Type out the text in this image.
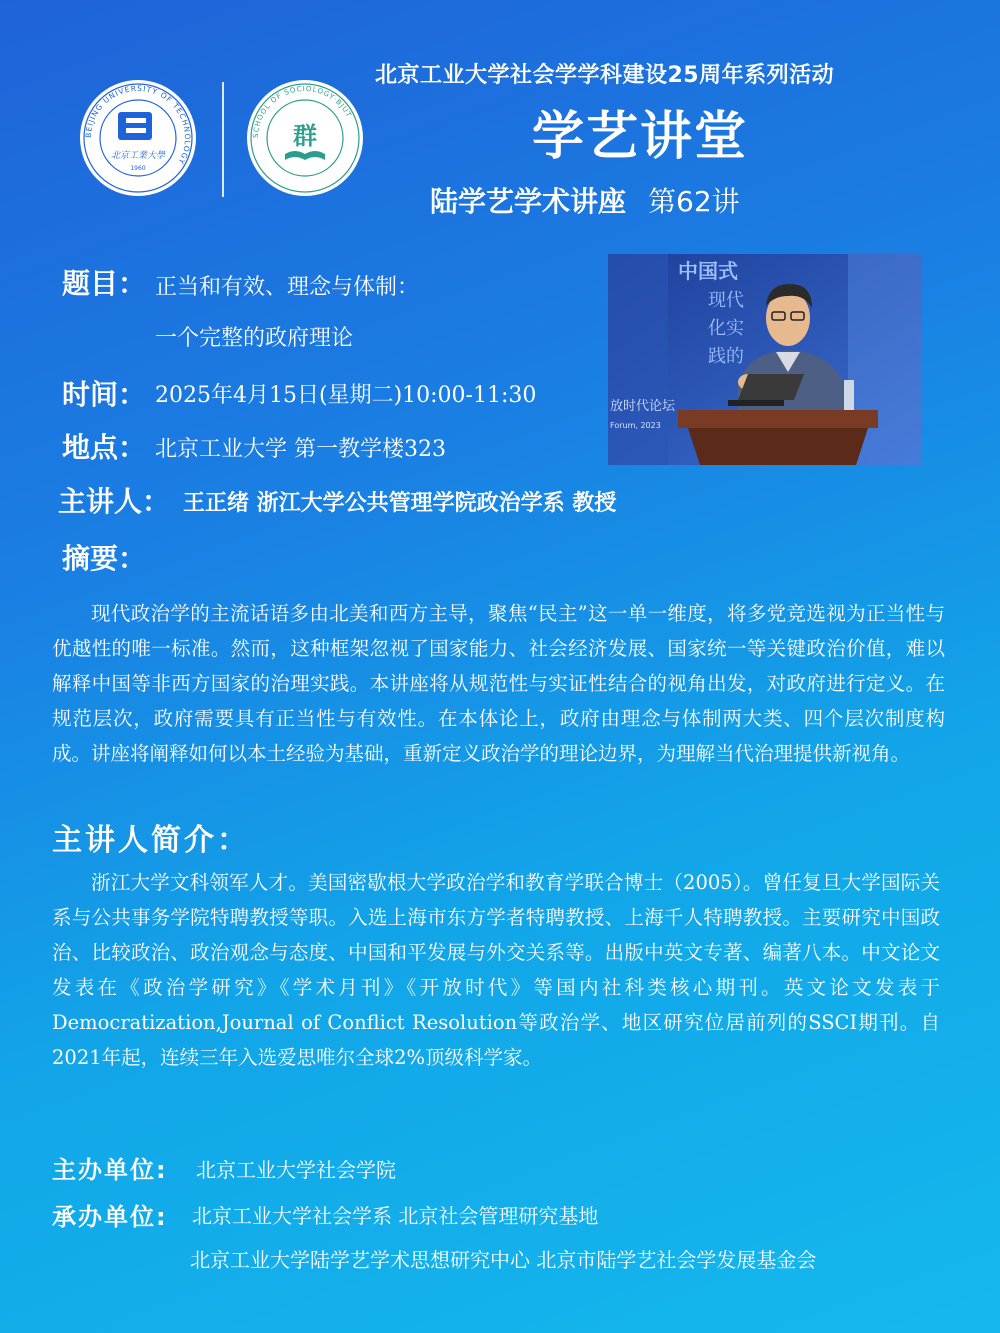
北京工业大学社会学学科建设25周年系列活动
学艺讲堂
陆学艺学术讲座 第62讲
BEIJING UNIVERSITY OF TECHNOLOGY
北京工業大學
1960
SCHOOL OF SOCIOLOGY·BJUT
群
题目： 正当和有效、理念与体制：
一个完整的政府理论
时间： 2025年4月15日(星期二)10:00-11:30
地点： 北京工业大学 第一教学楼323
主讲人： 王正绪 浙江大学公共管理学院政治学系 教授
摘要：
中国式
现代
化实
践的
放时代论坛
Forum, 2023
现代政治学的主流话语多由北美和西方主导，聚焦“民主”这一单一维度，将多党竞选视为正当性与优越性的唯一标准。然而，这种框架忽视了国家能力、社会经济发展、国家统一等关键政治价值，难以解释中国等非西方国家的治理实践。本讲座将从规范性与实证性结合的视角出发，对政府进行定义。在规范层次，政府需要具有正当性与有效性。在本体论上，政府由理念与体制两大类、四个层次制度构成。讲座将阐释如何以本土经验为基础，重新定义政治学的理论边界，为理解当代治理提供新视角。
主讲人简介：
浙江大学文科领军人才。美国密歇根大学政治学和教育学联合博士（2005）。曾任复旦大学国际关系与公共事务学院特聘教授等职。入选上海市东方学者特聘教授、上海千人特聘教授。主要研究中国政治、比较政治、政治观念与态度、中国和平发展与外交关系等。出版中英文专著、编著八本。中文论文发表在《政治学研究》《学术月刊》《开放时代》等国内社科类核心期刊。英文论文发表于Democratization,Journal of Conflict Resolution等政治学、地区研究位居前列的SSCI期刊。自2021年起，连续三年入选爱思唯尔全球2%顶级科学家。
主办单位: 北京工业大学社会学院
承办单位: 北京工业大学社会学系 北京社会管理研究基地
北京工业大学陆学艺学术思想研究中心 北京市陆学艺社会学发展基金会
